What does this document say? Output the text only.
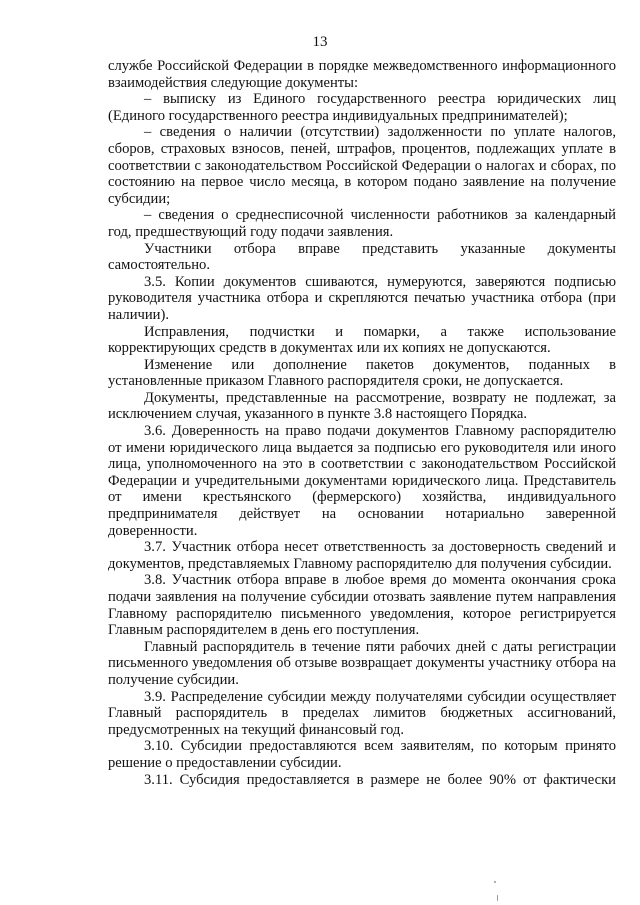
13

службе Российской Федерации в порядке межведомственного информационного взаимодействия следующие документы:

– выписку из Единого государственного реестра юридических лиц (Единого государственного реестра индивидуальных предпринимателей);

– сведения о наличии (отсутствии) задолженности по уплате налогов, сборов, страховых взносов, пеней, штрафов, процентов, подлежащих уплате в соответствии с законодательством Российской Федерации о налогах и сборах, по состоянию на первое число месяца, в котором подано заявление на получение субсидии;

– сведения о среднесписочной численности работников за календарный год, предшествующий году подачи заявления.

Участники отбора вправе представить указанные документы самостоятельно.

3.5. Копии документов сшиваются, нумеруются, заверяются подписью руководителя участника отбора и скрепляются печатью участника отбора (при наличии).

Исправления, подчистки и помарки, а также использование корректирующих средств в документах или их копиях не допускаются.

Изменение или дополнение пакетов документов, поданных в установленные приказом Главного распорядителя сроки, не допускается.

Документы, представленные на рассмотрение, возврату не подлежат, за исключением случая, указанного в пункте 3.8 настоящего Порядка.

3.6. Доверенность на право подачи документов Главному распорядителю от имени юридического лица выдается за подписью его руководителя или иного лица, уполномоченного на это в соответствии с законодательством Российской Федерации и учредительными документами юридического лица. Представитель от имени крестьянского (фермерского) хозяйства, индивидуального предпринимателя действует на основании нотариально заверенной доверенности.

3.7. Участник отбора несет ответственность за достоверность сведений и документов, представляемых Главному распорядителю для получения субсидии.

3.8. Участник отбора вправе в любое время до момента окончания срока подачи заявления на получение субсидии отозвать заявление путем направления Главному распорядителю письменного уведомления, которое регистрируется Главным распорядителем в день его поступления.

Главный распорядитель в течение пяти рабочих дней с даты регистрации письменного уведомления об отзыве возвращает документы участнику отбора на получение субсидии.

3.9. Распределение субсидии между получателями субсидии осуществляет Главный распорядитель в пределах лимитов бюджетных ассигнований, предусмотренных на текущий финансовый год.

3.10. Субсидии предоставляются всем заявителям, по которым принято решение о предоставлении субсидии.

3.11. Субсидия предоставляется в размере не более 90% от фактически
